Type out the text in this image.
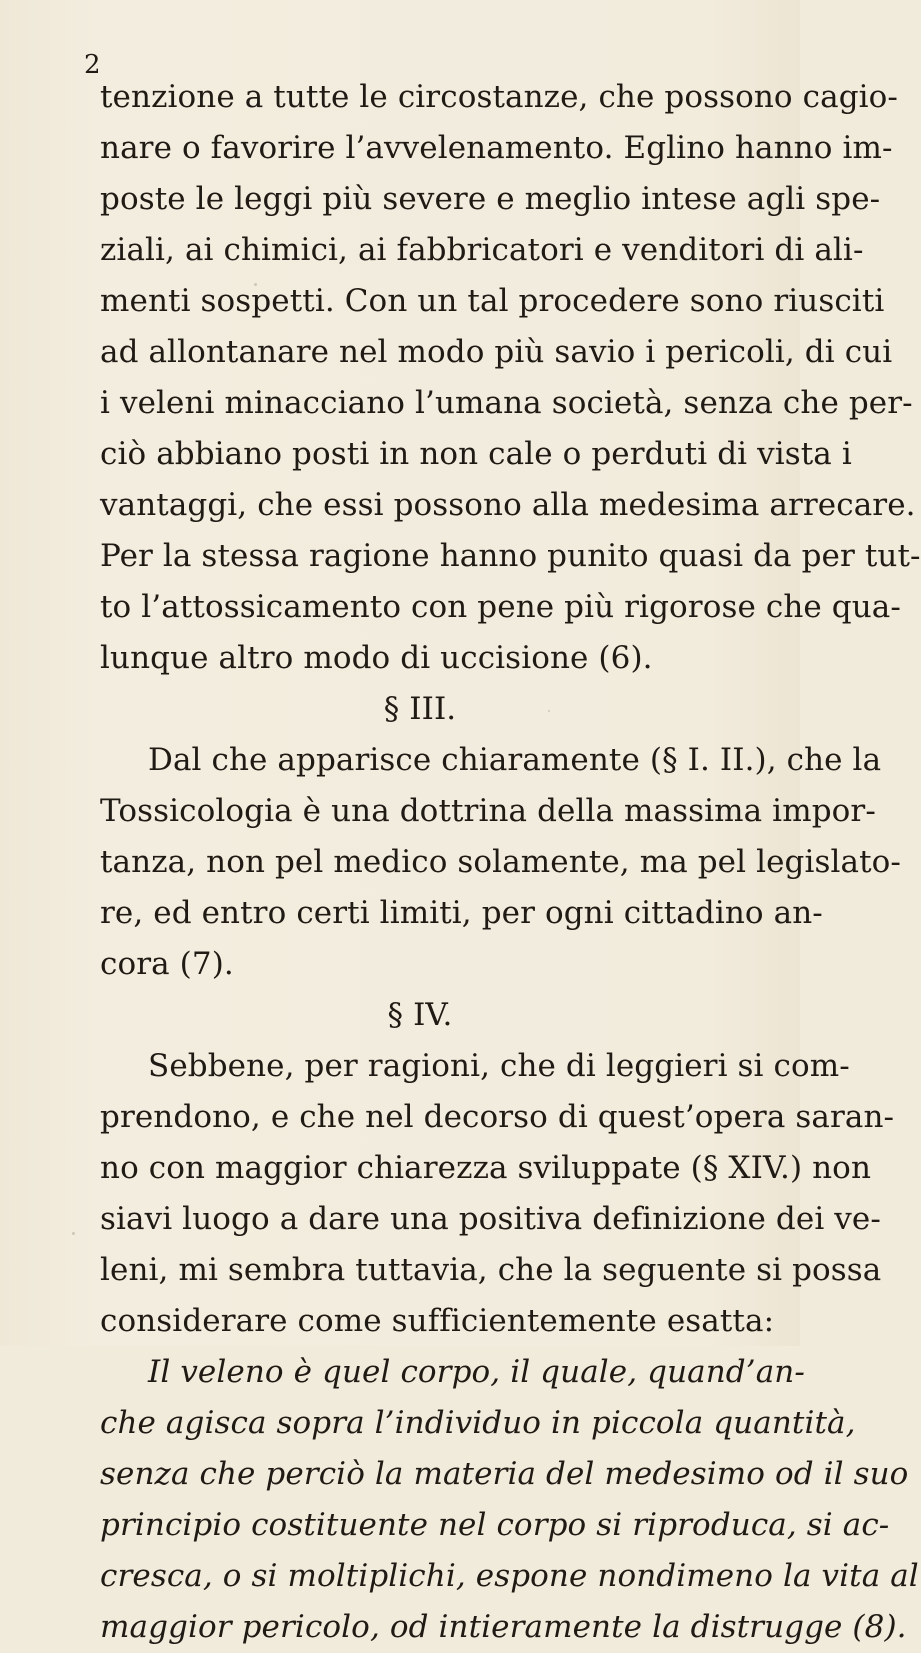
2
tenzione a tutte le circostanze, che possono cagio-
nare o favorire l’avvelenamento. Eglino hanno im-
poste le leggi più severe e meglio intese agli spe-
ziali, ai chimici, ai fabbricatori e venditori di ali-
menti sospetti. Con un tal procedere sono riusciti
ad allontanare nel modo più savio i pericoli, di cui
i veleni minacciano l’umana società, senza che per-
ciò abbiano posti in non cale o perduti di vista i
vantaggi, che essi possono alla medesima arrecare.
Per la stessa ragione hanno punito quasi da per tut-
to l’attossicamento con pene più rigorose che qua-
lunque altro modo di uccisione (6).
§ III.
Dal che apparisce chiaramente (§ I. II.), che la
Tossicologia è una dottrina della massima impor-
tanza, non pel medico solamente, ma pel legislato-
re, ed entro certi limiti, per ogni cittadino an-
cora (7).
§ IV.
Sebbene, per ragioni, che di leggieri si com-
prendono, e che nel decorso di quest’opera saran-
no con maggior chiarezza sviluppate (§ XIV.) non
siavi luogo a dare una positiva definizione dei ve-
leni, mi sembra tuttavia, che la seguente si possa
considerare come sufficientemente esatta:
Il veleno è quel corpo, il quale, quand’an-
che agisca sopra l’individuo in piccola quantità,
senza che perciò la materia del medesimo od il suo
principio costituente nel corpo si riproduca, si ac-
cresca, o si moltiplichi, espone nondimeno la vita al
maggior pericolo, od intieramente la distrugge (8).
